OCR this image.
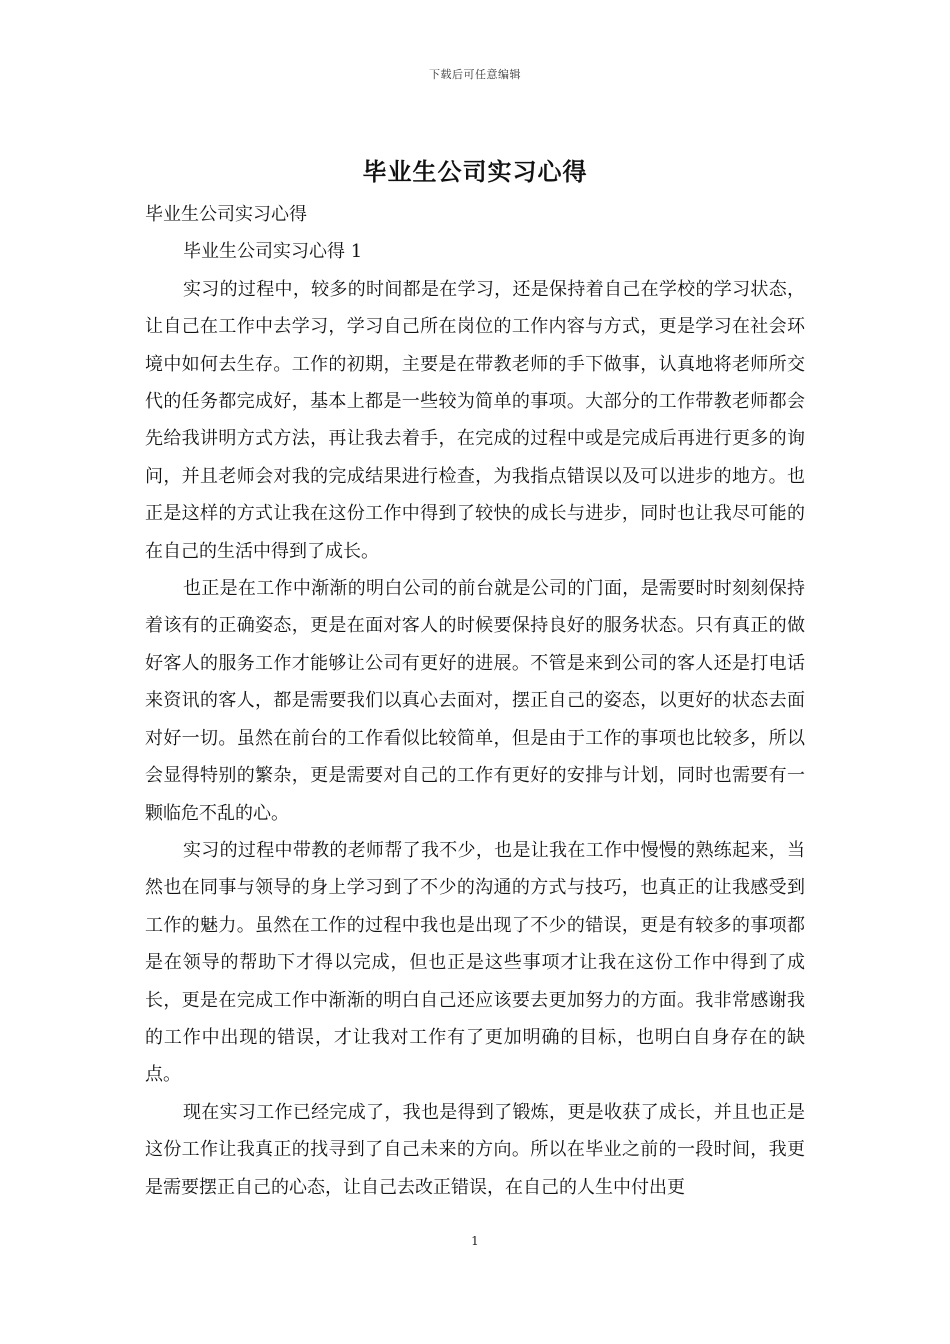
下载后可任意编辑
毕业生公司实习心得

毕业生公司实习心得

毕业生公司实习心得 1

实习的过程中，较多的时间都是在学习，还是保持着自己在学校的学习状态，让自己在工作中去学习，学习自己所在岗位的工作内容与方式，更是学习在社会环境中如何去生存。工作的初期，主要是在带教老师的手下做事，认真地将老师所交代的任务都完成好，基本上都是一些较为简单的事项。大部分的工作带教老师都会先给我讲明方式方法，再让我去着手，在完成的过程中或是完成后再进行更多的询问，并且老师会对我的完成结果进行检查，为我指点错误以及可以进步的地方。也正是这样的方式让我在这份工作中得到了较快的成长与进步，同时也让我尽可能的在自己的生活中得到了成长。

也正是在工作中渐渐的明白公司的前台就是公司的门面，是需要时时刻刻保持着该有的正确姿态，更是在面对客人的时候要保持良好的服务状态。只有真正的做好客人的服务工作才能够让公司有更好的进展。不管是来到公司的客人还是打电话来资讯的客人，都是需要我们以真心去面对，摆正自己的姿态，以更好的状态去面对好一切。虽然在前台的工作看似比较简单，但是由于工作的事项也比较多，所以会显得特别的繁杂，更是需要对自己的工作有更好的安排与计划，同时也需要有一颗临危不乱的心。

实习的过程中带教的老师帮了我不少，也是让我在工作中慢慢的熟练起来，当然也在同事与领导的身上学习到了不少的沟通的方式与技巧，也真正的让我感受到工作的魅力。虽然在工作的过程中我也是出现了不少的错误，更是有较多的事项都是在领导的帮助下才得以完成，但也正是这些事项才让我在这份工作中得到了成长，更是在完成工作中渐渐的明白自己还应该要去更加努力的方面。我非常感谢我的工作中出现的错误，才让我对工作有了更加明确的目标，也明白自身存在的缺点。

现在实习工作已经完成了，我也是得到了锻炼，更是收获了成长，并且也正是这份工作让我真正的找寻到了自己未来的方向。所以在毕业之前的一段时间，我更是需要摆正自己的心态，让自己去改正错误，在自己的人生中付出更

1
